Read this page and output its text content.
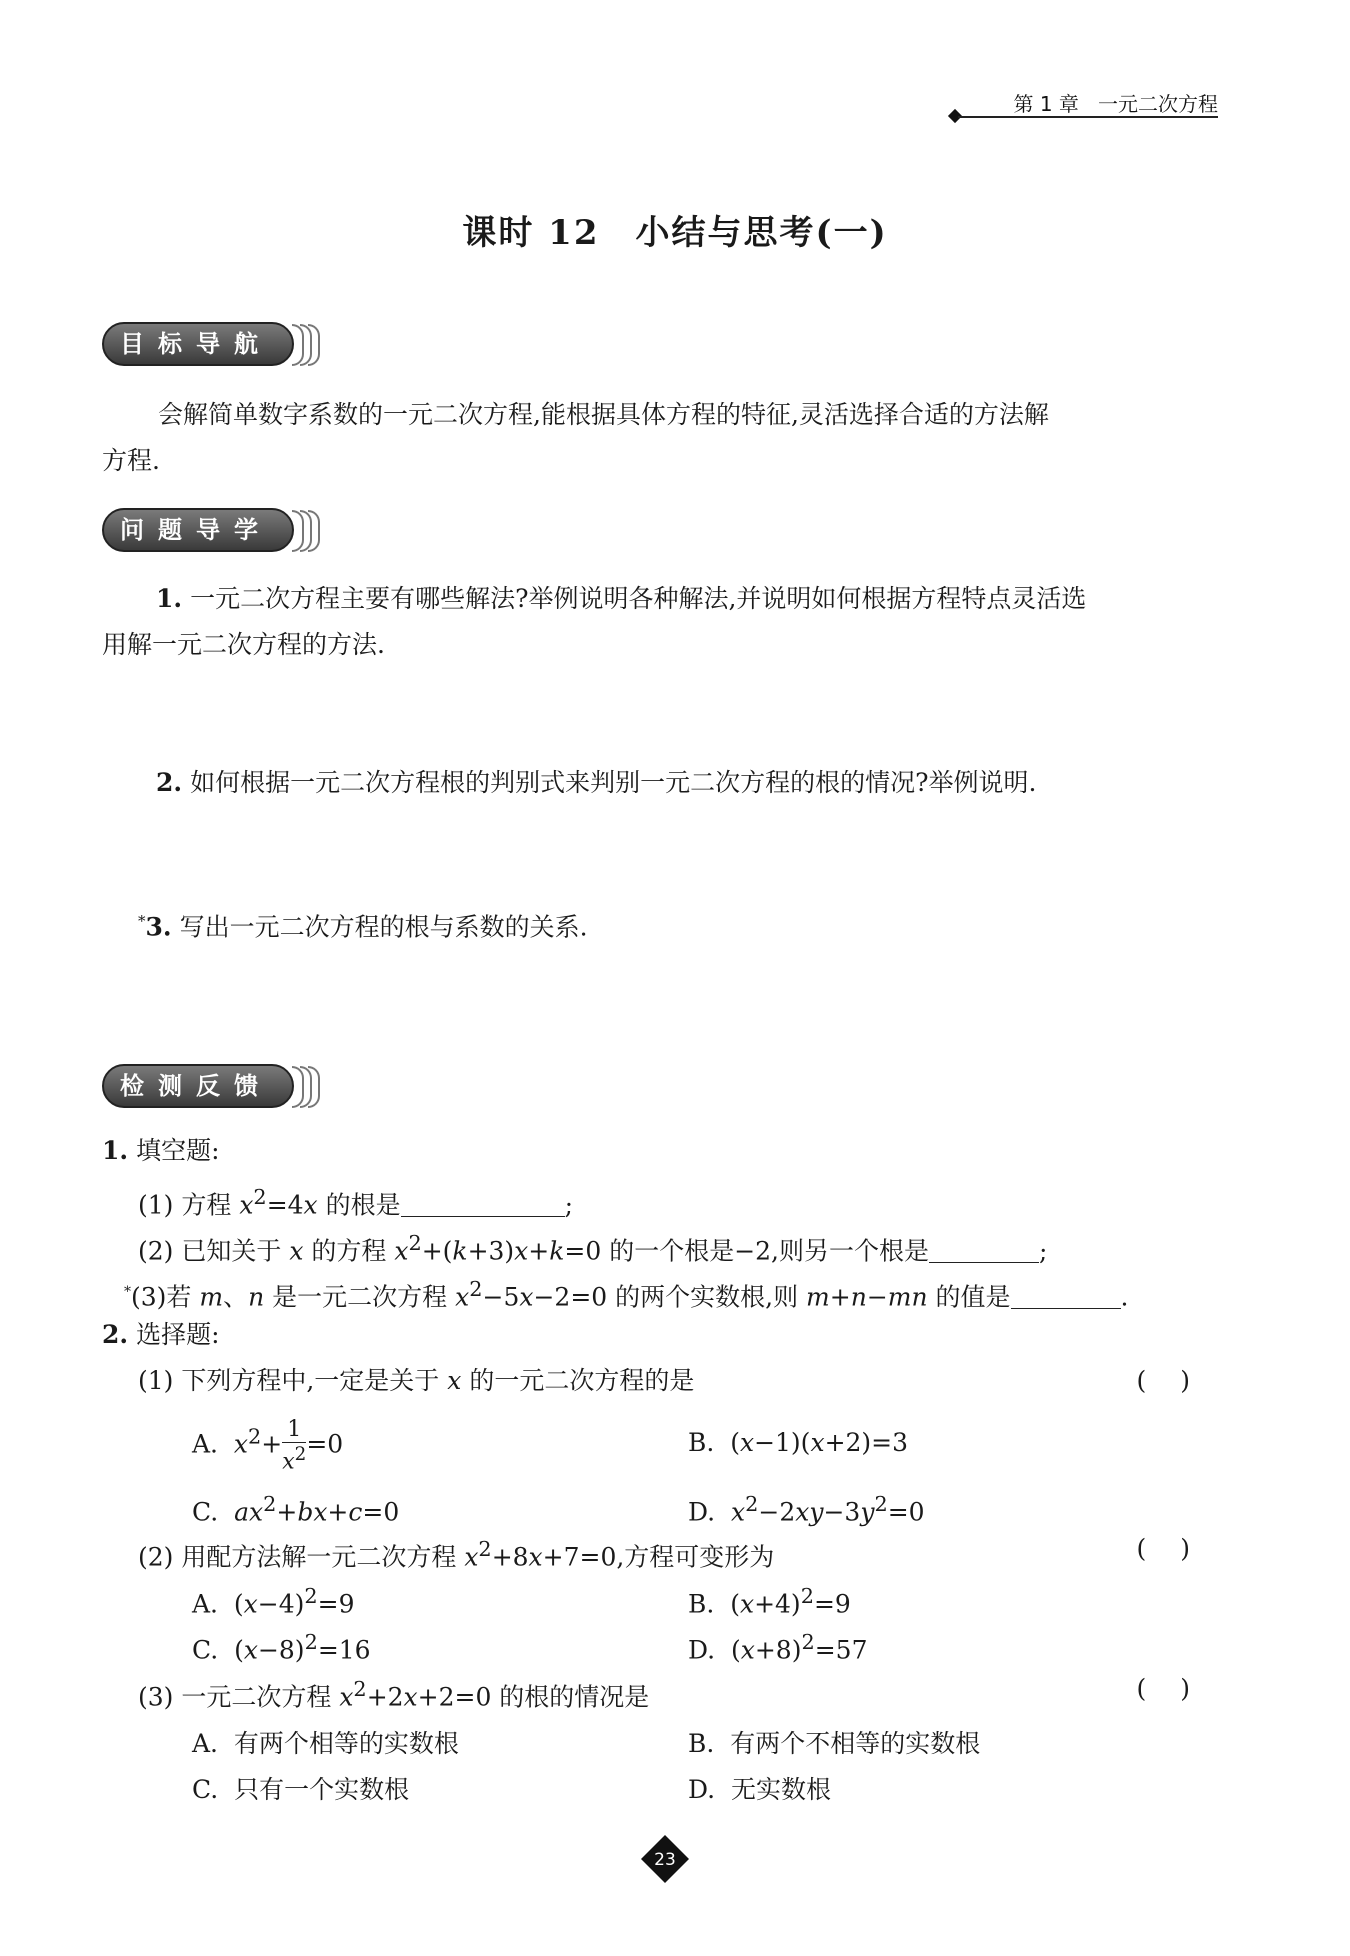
第 1 章 一元二次方程
课时 12　小结与思考(一)
目标导航
会解简单数字系数的一元二次方程,能根据具体方程的特征,灵活选择合适的方法解
方程.
问题导学
1. 一元二次方程主要有哪些解法?举例说明各种解法,并说明如何根据方程特点灵活选
用解一元二次方程的方法.
2. 如何根据一元二次方程根的判别式来判别一元二次方程的根的情况?举例说明.
*3. 写出一元二次方程的根与系数的关系.
检测反馈
1. 填空题:
(1) 方程 $x^2=4x$ 的根是	;
(2) 已知关于 x 的方程 $x^2+(k+3)x+k=0$ 的一个根是−2,则另一个根是	;
*(3)若 m、n 是一元二次方程 $x^2-5x-2=0$ 的两个实数根,则 m+n−mn 的值是	.
2. 选择题:
(1) 下列方程中,一定是关于 x 的一元二次方程的是	()
A.  $x^2+ \frac{1}{x^2} =0$	B.  (x−1)(x+2)=3
C.  $ax^2+bx+c=0$	D.  $x^2-2xy-3y^2=0$
(2) 用配方法解一元二次方程 $x^2+8x+7=0$,方程可变形为	()
A.  $(x-4)^2=9$	B.  $(x+4)^2=9$
C.  $(x-8)^2=16$	D.  $(x+8)^2=57$
(3) 一元二次方程 $x^2+2x+2=0$ 的根的情况是	()
A.  有两个相等的实数根	B.  有两个不相等的实数根
C.  只有一个实数根	D.  无实数根
23
